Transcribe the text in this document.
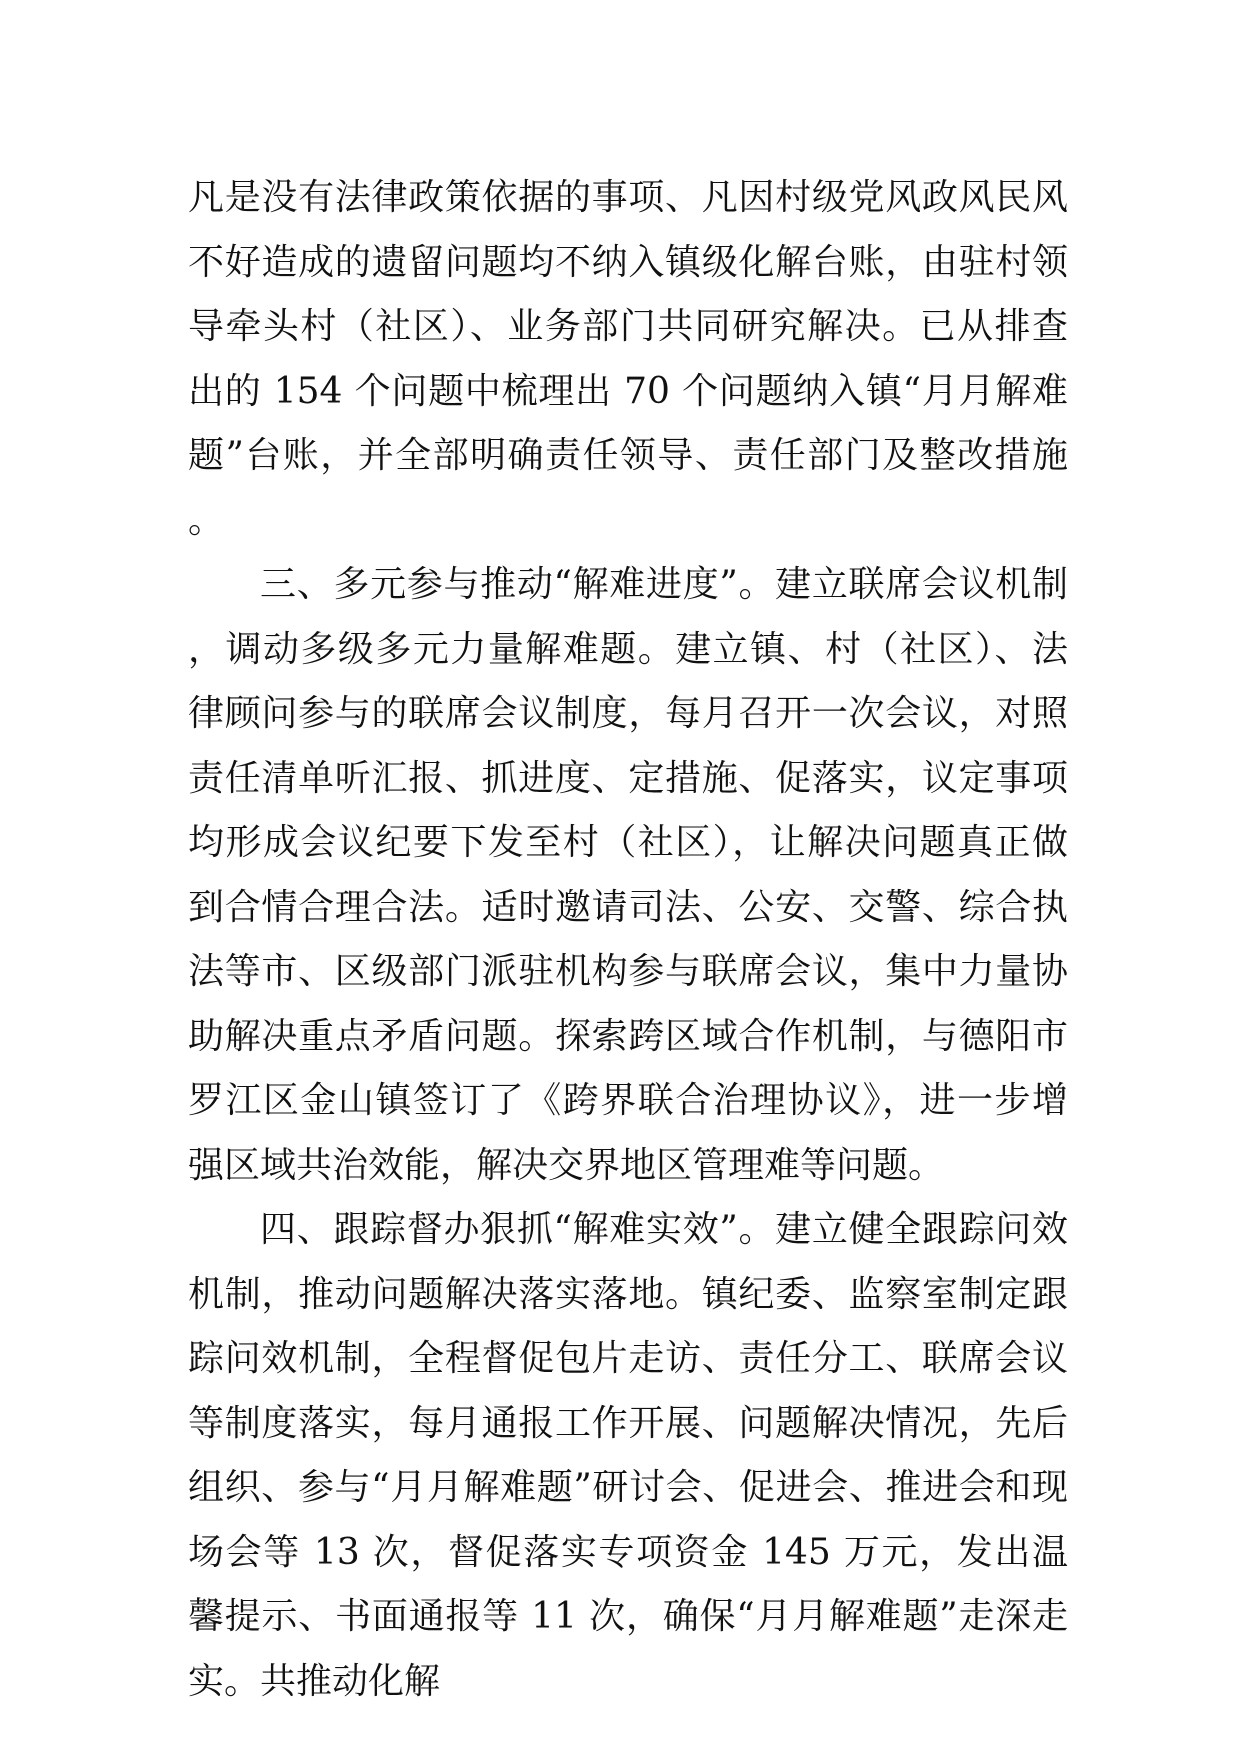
凡是没有法律政策依据的事项、凡因村级党风政风民风不好造成的遗留问题均不纳入镇级化解台账，由驻村领导牵头村（社区）、业务部门共同研究解决。已从排查出的 154 个问题中梳理出 70 个问题纳入镇“月月解难题”台账，并全部明确责任领导、责任部门及整改措施。

三、多元参与推动“解难进度”。建立联席会议机制，调动多级多元力量解难题。建立镇、村（社区）、法律顾问参与的联席会议制度，每月召开一次会议，对照责任清单听汇报、抓进度、定措施、促落实，议定事项均形成会议纪要下发至村（社区），让解决问题真正做到合情合理合法。适时邀请司法、公安、交警、综合执法等市、区级部门派驻机构参与联席会议，集中力量协助解决重点矛盾问题。探索跨区域合作机制，与德阳市罗江区金山镇签订了《跨界联合治理协议》，进一步增强区域共治效能，解决交界地区管理难等问题。

四、跟踪督办狠抓“解难实效”。建立健全跟踪问效机制，推动问题解决落实落地。镇纪委、监察室制定跟踪问效机制，全程督促包片走访、责任分工、联席会议等制度落实，每月通报工作开展、问题解决情况，先后组织、参与“月月解难题”研讨会、促进会、推进会和现场会等 13 次，督促落实专项资金 145 万元，发出温馨提示、书面通报等 11 次，确保“月月解难题”走深走实。共推动化解
